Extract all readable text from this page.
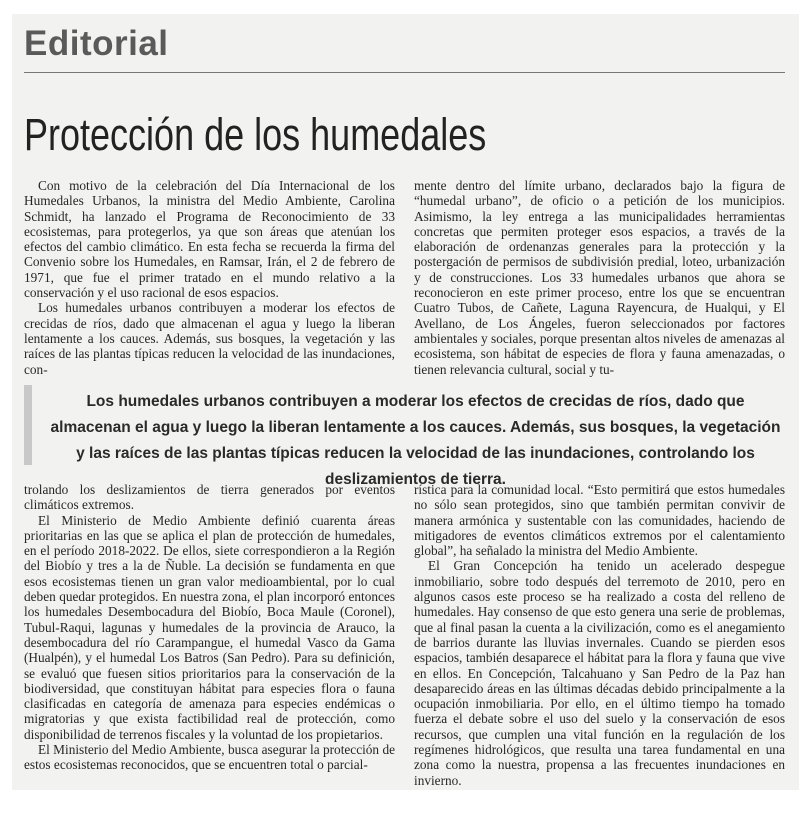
Editorial
Protección de los humedales

Con motivo de la celebración del Día Internacional de los Humedales Urbanos, la ministra del Medio Ambiente, Carolina Schmidt, ha lanzado el Programa de Reconocimiento de 33 ecosistemas, para protegerlos, ya que son áreas que atenúan los efectos del cambio climático. En esta fecha se recuerda la firma del Convenio sobre los Humedales, en Ramsar, Irán, el 2 de febrero de 1971, que fue el primer tratado en el mundo relativo a la conservación y el uso racional de esos espacios.

Los humedales urbanos contribuyen a moderar los efectos de crecidas de ríos, dado que almacenan el agua y luego la liberan lentamente a los cauces. Además, sus bosques, la vegetación y las raíces de las plantas típicas reducen la velocidad de las inundaciones, con-

mente dentro del límite urbano, declarados bajo la figura de “humedal urbano”, de oficio o a petición de los municipios. Asimismo, la ley entrega a las municipalidades herramientas concretas que permiten proteger esos espacios, a través de la elaboración de ordenanzas generales para la protección y la postergación de permisos de subdivisión predial, loteo, urbanización y de construcciones. Los 33 humedales urbanos que ahora se reconocieron en este primer proceso, entre los que se encuentran Cuatro Tubos, de Cañete, Laguna Rayencura, de Hualqui, y El Avellano, de Los Ángeles, fueron seleccionados por factores ambientales y sociales, porque presentan altos niveles de amenazas al ecosistema, son hábitat de especies de flora y fauna amenazadas, o tienen relevancia cultural, social y tu-

Los humedales urbanos contribuyen a moderar los efectos de crecidas de ríos, dado que almacenan el agua y luego la liberan lentamente a los cauces. Además, sus bosques, la vegetación y las raíces de las plantas típicas reducen la velocidad de las inundaciones, controlando los deslizamientos de tierra.

trolando los deslizamientos de tierra generados por eventos climáticos extremos.

El Ministerio de Medio Ambiente definió cuarenta áreas prioritarias en las que se aplica el plan de protección de humedales, en el período 2018-2022. De ellos, siete correspondieron a la Región del Biobío y tres a la de Ñuble. La decisión se fundamenta en que esos ecosistemas tienen un gran valor medioambiental, por lo cual deben quedar protegidos. En nuestra zona, el plan incorporó entonces los humedales Desembocadura del Biobío, Boca Maule (Coronel), Tubul-Raqui, lagunas y humedales de la provincia de Arauco, la desembocadura del río Carampangue, el humedal Vasco da Gama (Hualpén), y el humedal Los Batros (San Pedro). Para su definición, se evaluó que fuesen sitios prioritarios para la conservación de la biodiversidad, que constituyan hábitat para especies flora o fauna clasificadas en categoría de amenaza para especies endémicas o migratorias y que exista factibilidad real de protección, como disponibilidad de terrenos fiscales y la voluntad de los propietarios.

El Ministerio del Medio Ambiente, busca asegurar la protección de estos ecosistemas reconocidos, que se encuentren total o parcial-

rística para la comunidad local. “Esto permitirá que estos humedales no sólo sean protegidos, sino que también permitan convivir de manera armónica y sustentable con las comunidades, haciendo de mitigadores de eventos climáticos extremos por el calentamiento global”, ha señalado la ministra del Medio Ambiente.

El Gran Concepción ha tenido un acelerado despegue inmobiliario, sobre todo después del terremoto de 2010, pero en algunos casos este proceso se ha realizado a costa del relleno de humedales. Hay consenso de que esto genera una serie de problemas, que al final pasan la cuenta a la civilización, como es el anegamiento de barrios durante las lluvias invernales. Cuando se pierden esos espacios, también desaparece el hábitat para la flora y fauna que vive en ellos. En Concepción, Talcahuano y San Pedro de la Paz han desaparecido áreas en las últimas décadas debido principalmente a la ocupación inmobiliaria. Por ello, en el último tiempo ha tomado fuerza el debate sobre el uso del suelo y la conservación de esos recursos, que cumplen una vital función en la regulación de los regímenes hidrológicos, que resulta una tarea fundamental en una zona como la nuestra, propensa a las frecuentes inundaciones en invierno.
